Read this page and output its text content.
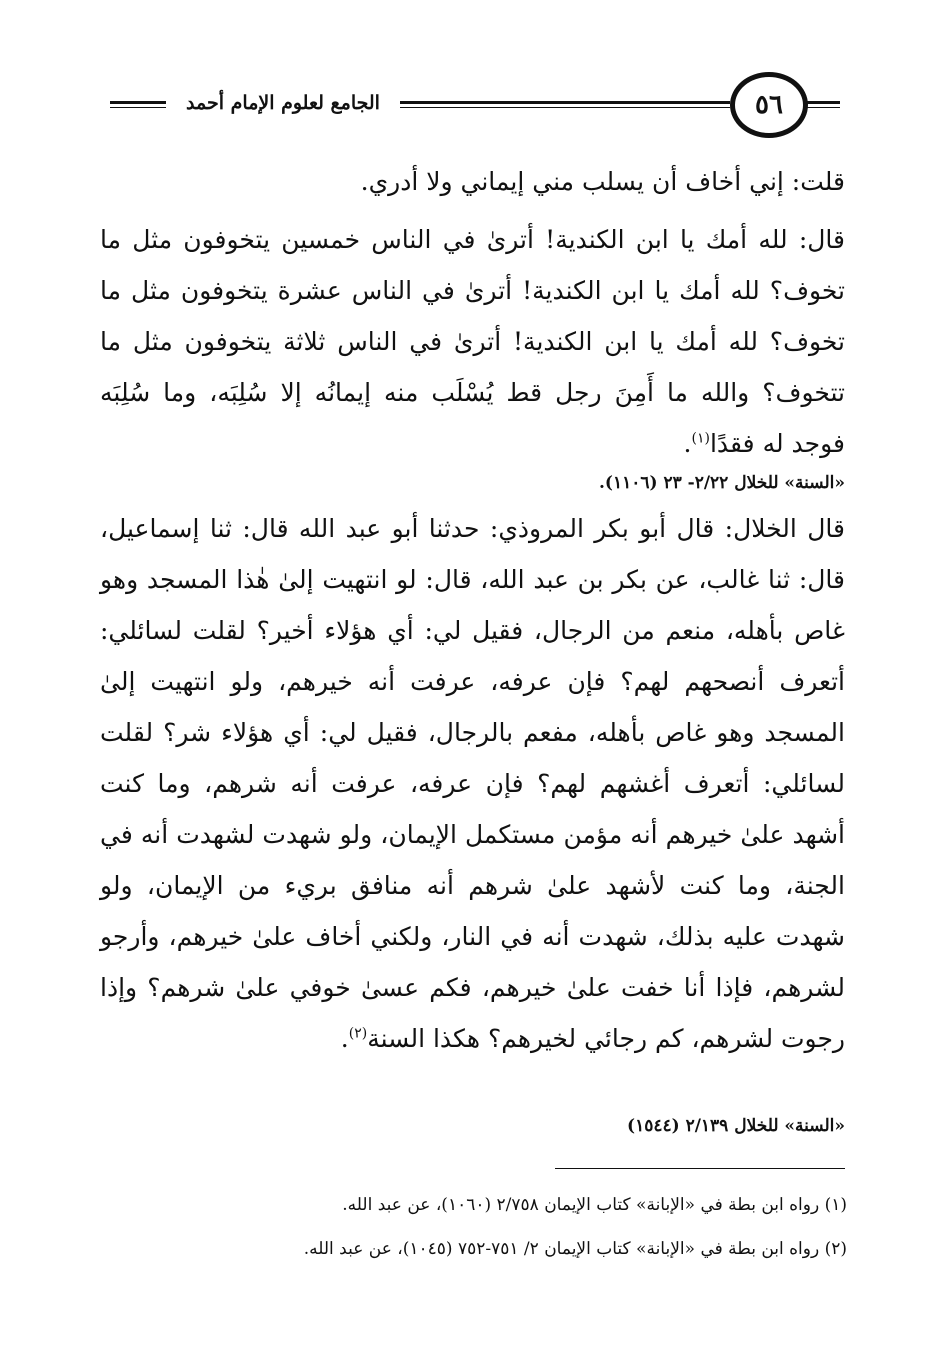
٥٦
الجامع لعلوم الإمام أحمد

قلت: إني أخاف أن يسلب مني إيماني ولا أدري.

قال: لله أمك يا ابن الكندية! أترىٰ في الناس خمسين يتخوفون مثل ما تخوف؟ لله أمك يا ابن الكندية! أترىٰ في الناس عشرة يتخوفون مثل ما تخوف؟ لله أمك يا ابن الكندية! أترىٰ في الناس ثلاثة يتخوفون مثل ما تتخوف؟ والله ما أَمِنَ رجل قط يُسْلَب منه إيمانُه إلا سُلِبَه، وما سُلِبَه فوجد له فقدًا$^{(١)}$.

«السنة» للخلال ٢/٢٢- ٢٣ (١١٠٦).

قال الخلال: قال أبو بكر المروذي: حدثنا أبو عبد الله قال: ثنا إسماعيل، قال: ثنا غالب، عن بكر بن عبد الله، قال: لو انتهيت إلىٰ هٰذا المسجد وهو غاص بأهله، منعم من الرجال، فقيل لي: أي هؤلاء أخير؟ لقلت لسائلي: أتعرف أنصحهم لهم؟ فإن عرفه، عرفت أنه خيرهم، ولو انتهيت إلىٰ المسجد وهو غاص بأهله، مفعم بالرجال، فقيل لي: أي هؤلاء شر؟ لقلت لسائلي: أتعرف أغشهم لهم؟ فإن عرفه، عرفت أنه شرهم، وما كنت أشهد علىٰ خيرهم أنه مؤمن مستكمل الإيمان، ولو شهدت لشهدت أنه في الجنة، وما كنت لأشهد علىٰ شرهم أنه منافق بريء من الإيمان، ولو شهدت عليه بذلك، شهدت أنه في النار، ولكني أخاف علىٰ خيرهم، وأرجو لشرهم، فإذا أنا خفت علىٰ خيرهم، فكم عسىٰ خوفي علىٰ شرهم؟ وإذا رجوت لشرهم، كم رجائي لخيرهم؟ هكذا السنة$^{(٢)}$.

«السنة» للخلال ٢/١٣٩ (١٥٤٤)

(١) رواه ابن بطة في «الإبانة» كتاب الإيمان ٢/٧٥٨ (١٠٦٠)، عن عبد الله.

(٢) رواه ابن بطة في «الإبانة» كتاب الإيمان ٢/ ٧٥١-٧٥٢ (١٠٤٥)، عن عبد الله.
